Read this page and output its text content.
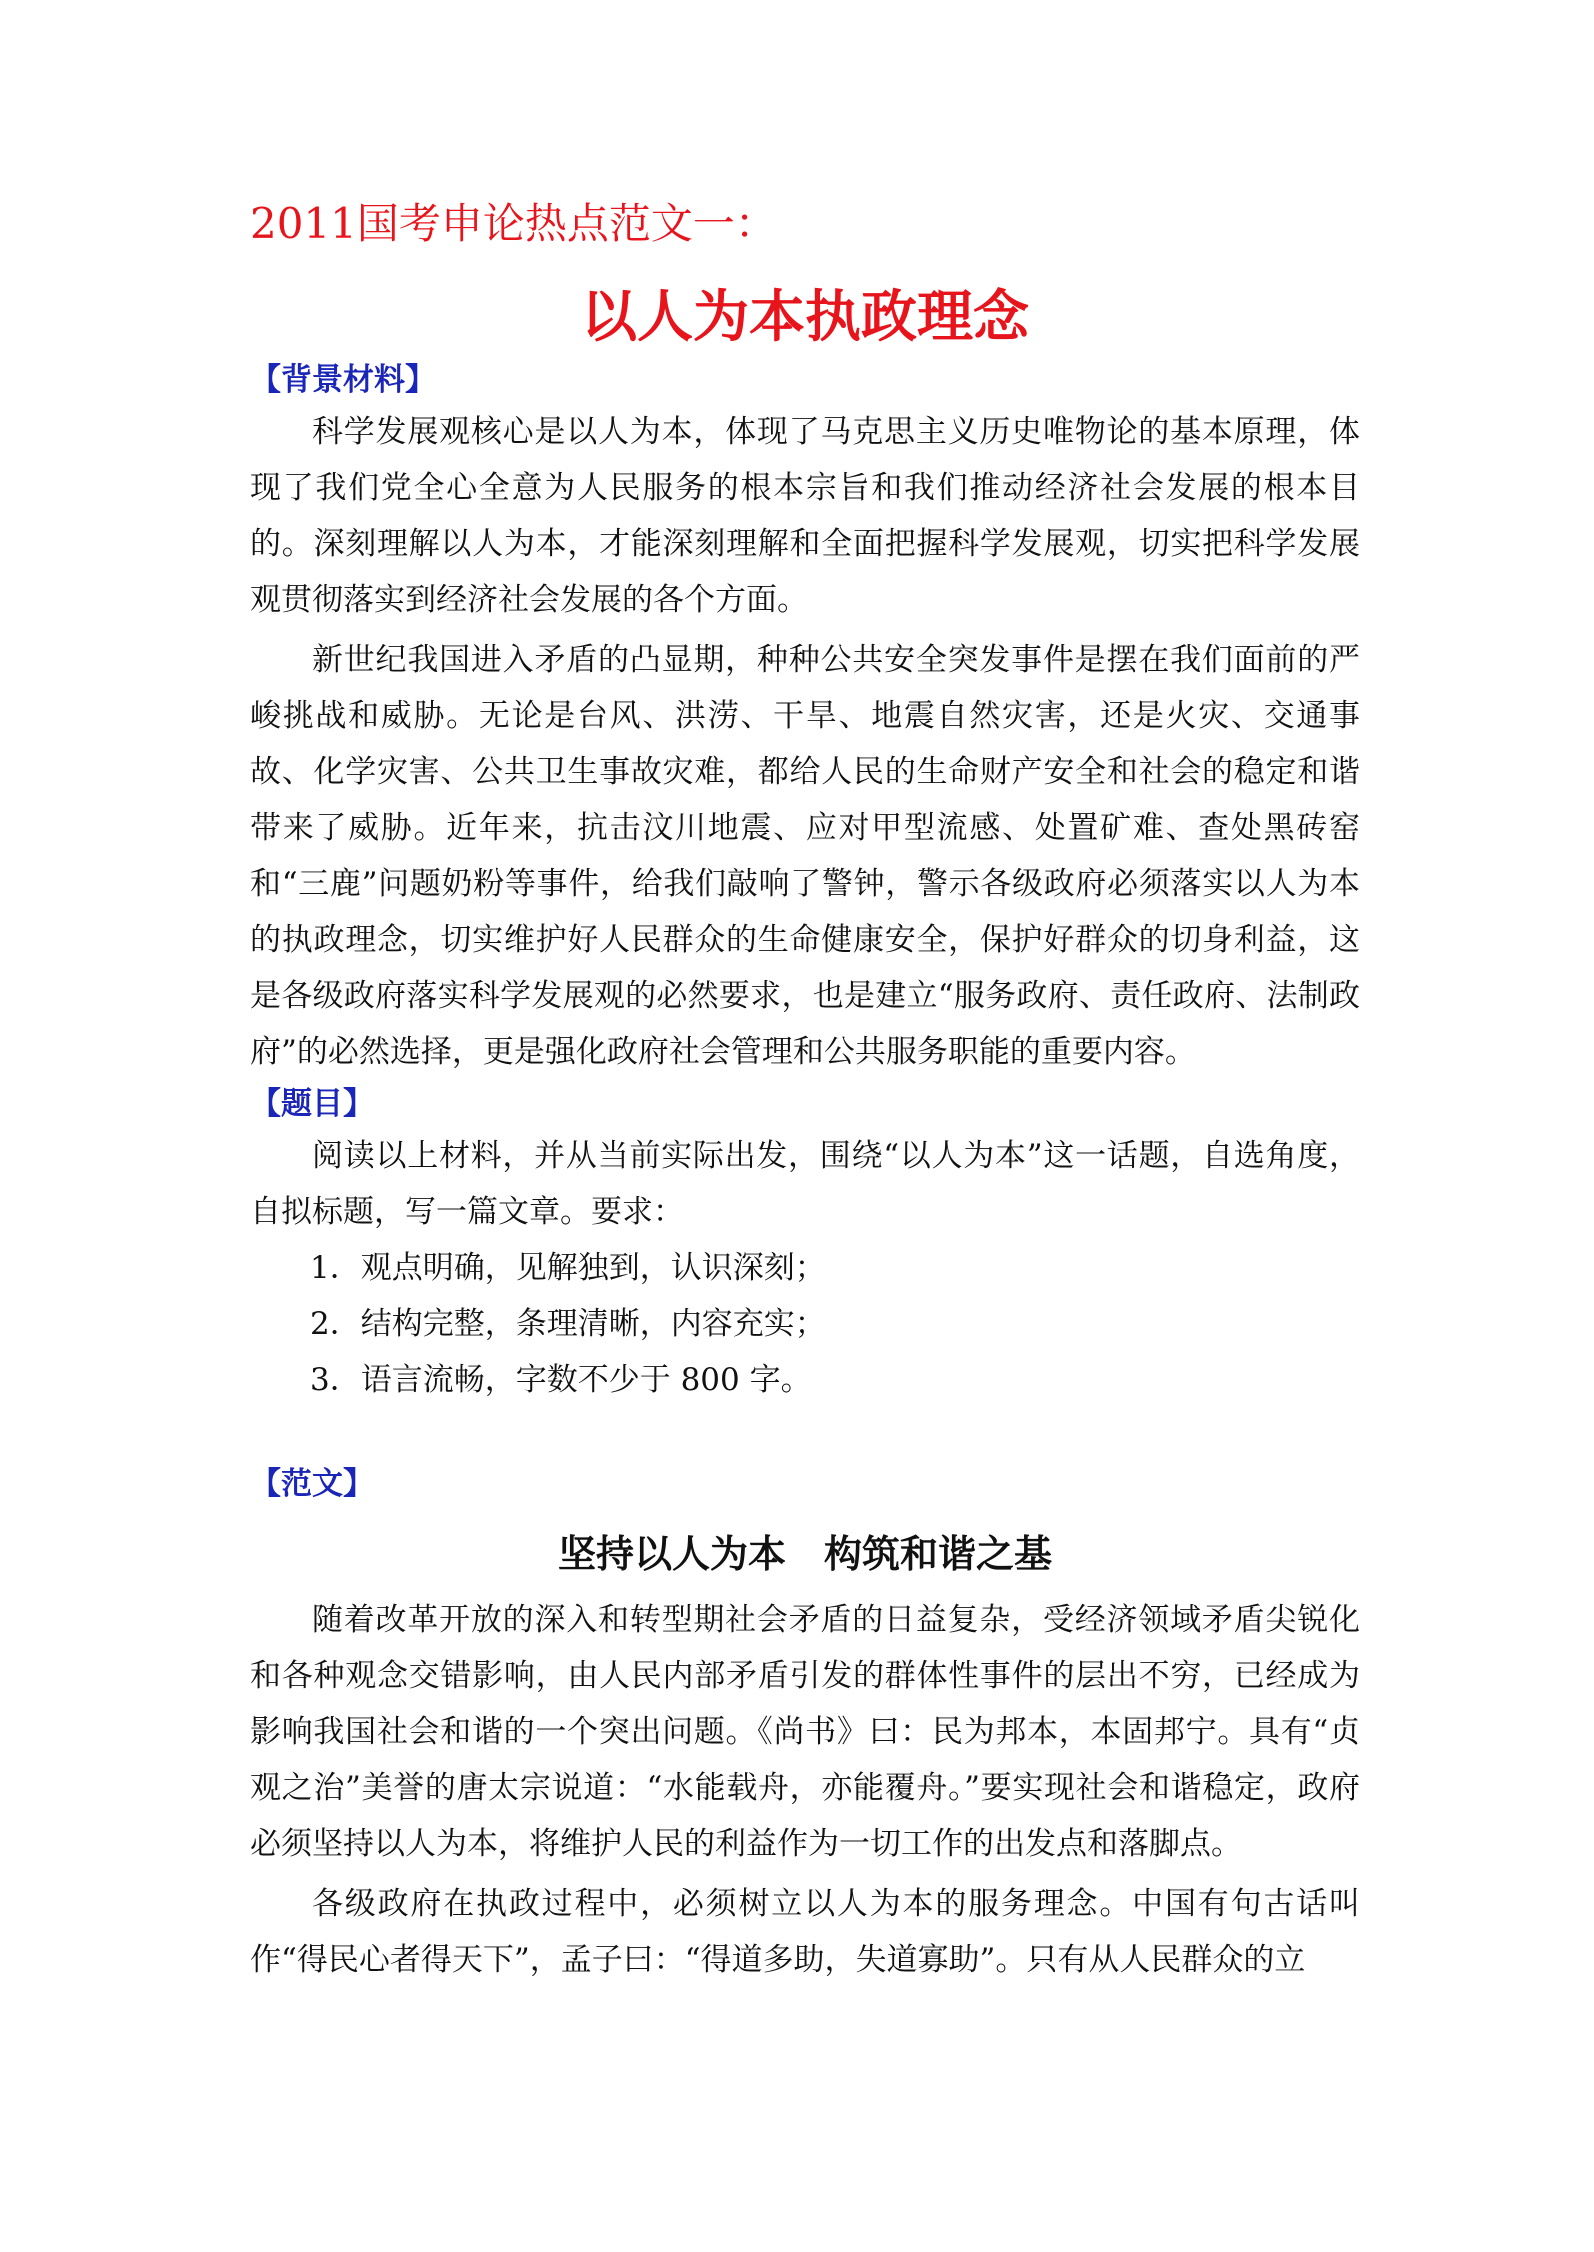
2011国考申论热点范文一：
以人为本执政理念
【背景材料】

科学发展观核心是以人为本，体现了马克思主义历史唯物论的基本原理，体现了我们党全心全意为人民服务的根本宗旨和我们推动经济社会发展的根本目的。深刻理解以人为本，才能深刻理解和全面把握科学发展观，切实把科学发展观贯彻落实到经济社会发展的各个方面。

新世纪我国进入矛盾的凸显期，种种公共安全突发事件是摆在我们面前的严峻挑战和威胁。无论是台风、洪涝、干旱、地震自然灾害，还是火灾、交通事故、化学灾害、公共卫生事故灾难，都给人民的生命财产安全和社会的稳定和谐带来了威胁。近年来，抗击汶川地震、应对甲型流感、处置矿难、查处黑砖窑和“三鹿”问题奶粉等事件，给我们敲响了警钟，警示各级政府必须落实以人为本的执政理念，切实维护好人民群众的生命健康安全，保护好群众的切身利益，这是各级政府落实科学发展观的必然要求，也是建立“服务政府、责任政府、法制政府”的必然选择，更是强化政府社会管理和公共服务职能的重要内容。

【题目】

阅读以上材料，并从当前实际出发，围绕“以人为本”这一话题，自选角度，自拟标题，写一篇文章。要求：

1．观点明确，见解独到，认识深刻；

2．结构完整，条理清晰，内容充实；

3．语言流畅，字数不少于 800 字。

【范文】
坚持以人为本　构筑和谐之基

随着改革开放的深入和转型期社会矛盾的日益复杂，受经济领域矛盾尖锐化和各种观念交错影响，由人民内部矛盾引发的群体性事件的层出不穷，已经成为影响我国社会和谐的一个突出问题。《尚书》曰：民为邦本，本固邦宁。具有“贞观之治”美誉的唐太宗说道：“水能载舟，亦能覆舟。”要实现社会和谐稳定，政府必须坚持以人为本，将维护人民的利益作为一切工作的出发点和落脚点。

各级政府在执政过程中，必须树立以人为本的服务理念。中国有句古话叫作“得民心者得天下”，孟子曰：“得道多助，失道寡助”。只有从人民群众的立
